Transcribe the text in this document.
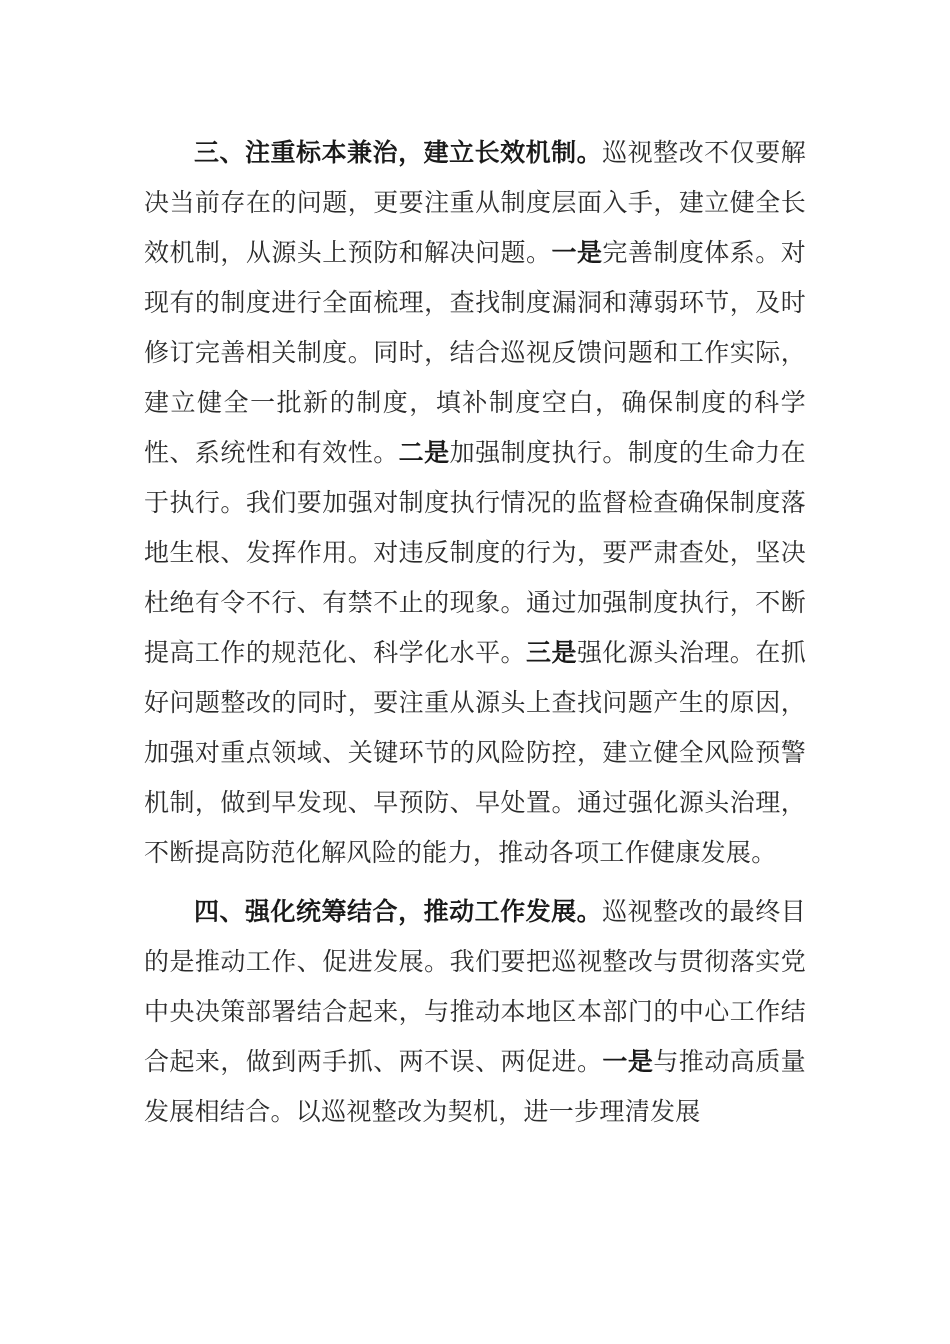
三、注重标本兼治，建立长效机制。巡视整改不仅要解决当前存在的问题，更要注重从制度层面入手，建立健全长效机制，从源头上预防和解决问题。一是完善制度体系。对现有的制度进行全面梳理，查找制度漏洞和薄弱环节，及时修订完善相关制度。同时，结合巡视反馈问题和工作实际，建立健全一批新的制度，填补制度空白，确保制度的科学性、系统性和有效性。二是加强制度执行。制度的生命力在于执行。我们要加强对制度执行情况的监督检查确保制度落地生根、发挥作用。对违反制度的行为，要严肃查处，坚决杜绝有令不行、有禁不止的现象。通过加强制度执行，不断提高工作的规范化、科学化水平。三是强化源头治理。在抓好问题整改的同时，要注重从源头上查找问题产生的原因，加强对重点领域、关键环节的风险防控，建立健全风险预警机制，做到早发现、早预防、早处置。通过强化源头治理，不断提高防范化解风险的能力，推动各项工作健康发展。

四、强化统筹结合，推动工作发展。巡视整改的最终目的是推动工作、促进发展。我们要把巡视整改与贯彻落实党中央决策部署结合起来，与推动本地区本部门的中心工作结合起来，做到两手抓、两不误、两促进。一是与推动高质量发展相结合。以巡视整改为契机，进一步理清发展
